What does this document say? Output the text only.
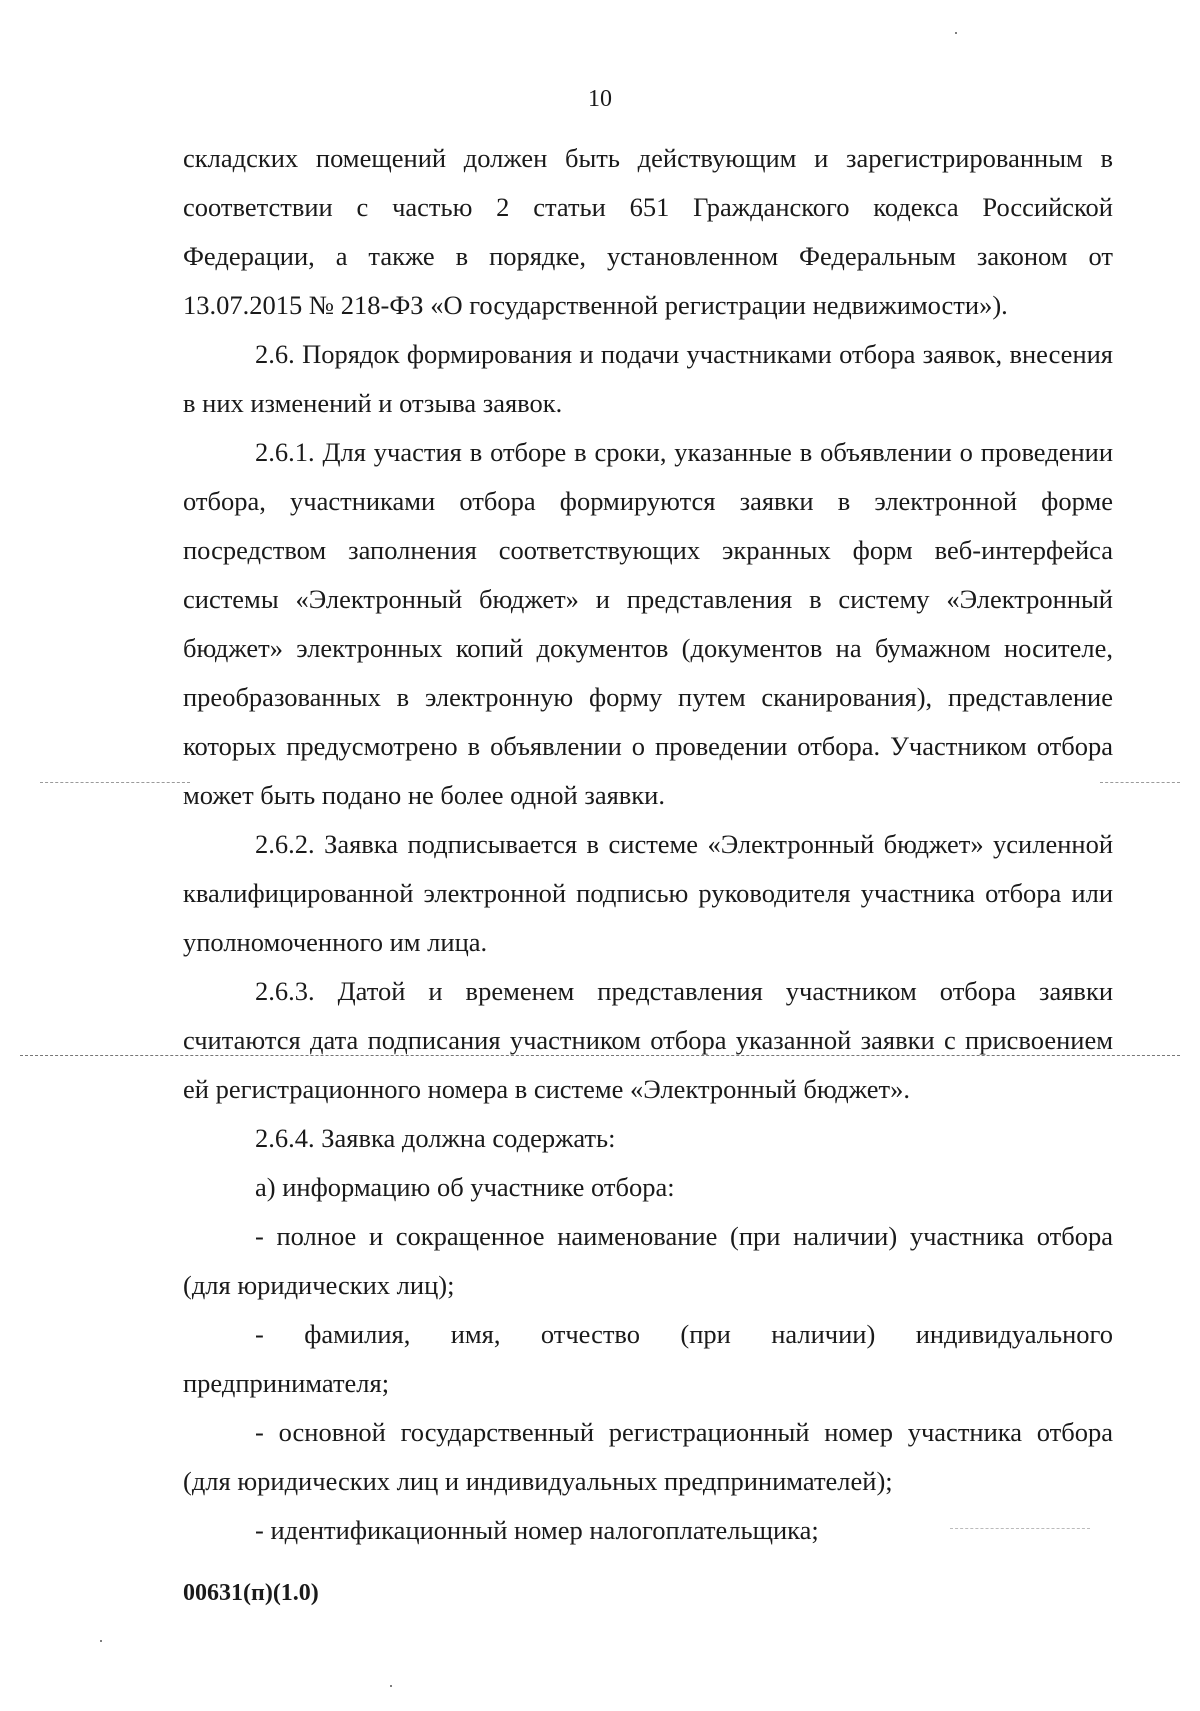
10

складских помещений должен быть действующим и зарегистрированным в соответствии с частью 2 статьи 651 Гражданского кодекса Российской Федерации, а также в порядке, установленном Федеральным законом от 13.07.2015 № 218-ФЗ «О государственной регистрации недвижимости»).

2.6. Порядок формирования и подачи участниками отбора заявок, внесения в них изменений и отзыва заявок.

2.6.1. Для участия в отборе в сроки, указанные в объявлении о проведении отбора, участниками отбора формируются заявки в электронной форме посредством заполнения соответствующих экранных форм веб-интерфейса системы «Электронный бюджет» и представления в систему «Электронный бюджет» электронных копий документов (документов на бумажном носителе, преобразованных в электронную форму путем сканирования), представление которых предусмотрено в объявлении о проведении отбора. Участником отбора может быть подано не более одной заявки.

2.6.2. Заявка подписывается в системе «Электронный бюджет» усиленной квалифицированной электронной подписью руководителя участника отбора или уполномоченного им лица.

2.6.3. Датой и временем представления участником отбора заявки считаются дата подписания участником отбора указанной заявки с присвоением ей регистрационного номера в системе «Электронный бюджет».

2.6.4. Заявка должна содержать:

а) информацию об участнике отбора:

- полное и сокращенное наименование (при наличии) участника отбора (для юридических лиц);

- фамилия, имя, отчество (при наличии) индивидуального предпринимателя;

- основной государственный регистрационный номер участника отбора (для юридических лиц и индивидуальных предпринимателей);

- идентификационный номер налогоплательщика;

00631(п)(1.0)
